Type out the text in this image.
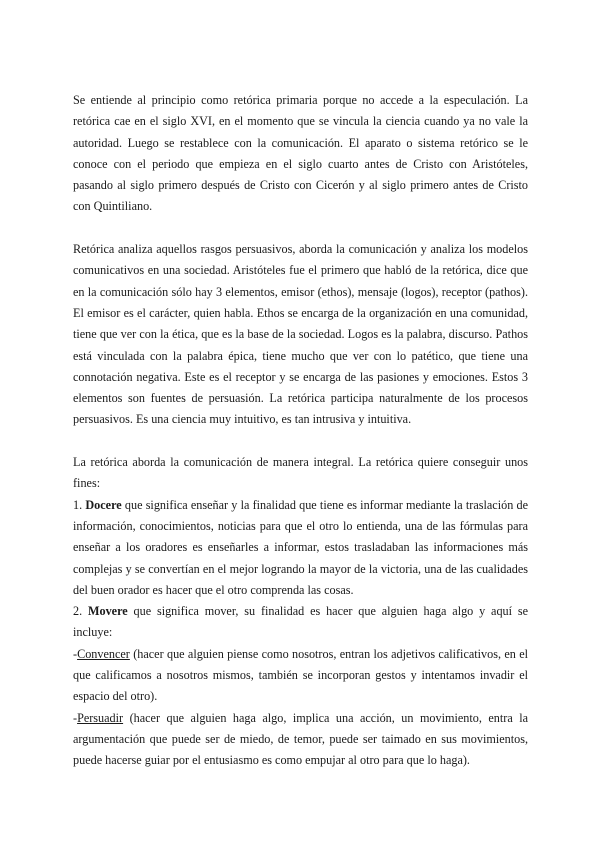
Se entiende al principio como retórica primaria porque no accede a la especulación. La retórica cae en el siglo XVI, en el momento que se vincula la ciencia cuando ya no vale la autoridad. Luego se restablece con la comunicación. El aparato o sistema retórico se le conoce con el periodo que empieza en el siglo cuarto antes de Cristo con Aristóteles, pasando al siglo primero después de Cristo con Cicerón y al siglo primero antes de Cristo con Quintiliano.

Retórica analiza aquellos rasgos persuasivos, aborda la comunicación y analiza los modelos comunicativos en una sociedad. Aristóteles fue el primero que habló de la retórica, dice que en la comunicación sólo hay 3 elementos, emisor (ethos), mensaje (logos), receptor (pathos). El emisor es el carácter, quien habla. Ethos se encarga de la organización en una comunidad, tiene que ver con la ética, que es la base de la sociedad. Logos es la palabra, discurso. Pathos está vinculada con la palabra épica, tiene mucho que ver con lo patético, que tiene una connotación negativa. Este es el receptor y se encarga de las pasiones y emociones. Estos 3 elementos son fuentes de persuasión. La retórica participa naturalmente de los procesos persuasivos. Es una ciencia muy intuitivo, es tan intrusiva y intuitiva.

La retórica aborda la comunicación de manera integral. La retórica quiere conseguir unos fines:

1. Docere que significa enseñar y la finalidad que tiene es informar mediante la traslación de información, conocimientos, noticias para que el otro lo entienda, una de las fórmulas para enseñar a los oradores es enseñarles a informar, estos trasladaban las informaciones más complejas y se convertían en el mejor logrando la mayor de la victoria, una de las cualidades del buen orador es hacer que el otro comprenda las cosas.

2. Movere que significa mover, su finalidad es hacer que alguien haga algo y aquí se incluye:

-Convencer (hacer que alguien piense como nosotros, entran los adjetivos calificativos, en el que calificamos a nosotros mismos, también se incorporan gestos y intentamos invadir el espacio del otro).

-Persuadir (hacer que alguien haga algo, implica una acción, un movimiento, entra la argumentación que puede ser de miedo, de temor, puede ser taimado en sus movimientos, puede hacerse guiar por el entusiasmo es como empujar al otro para que lo haga).
